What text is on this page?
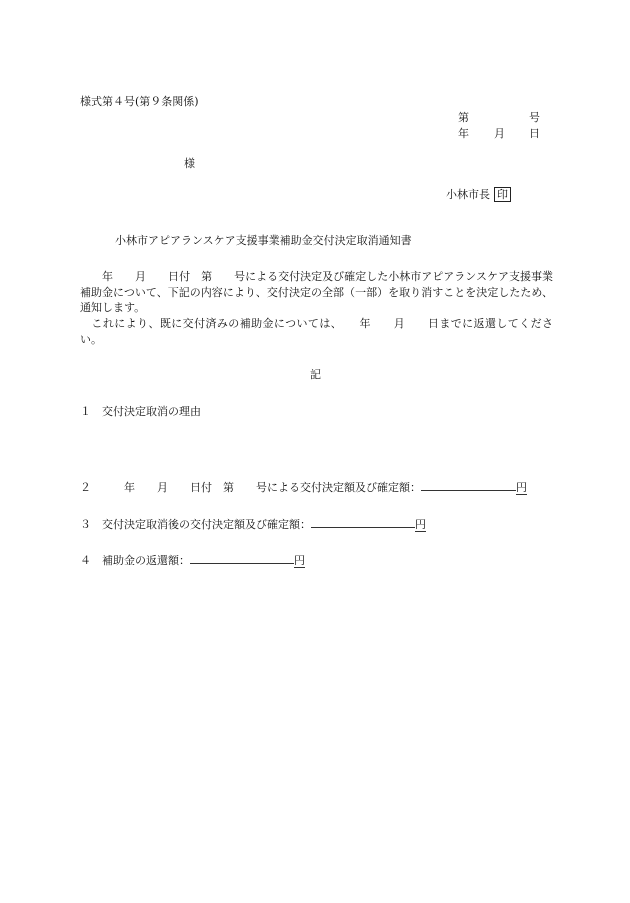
様式第４号(第９条関係)
第	号
年 月 日
様
小林市長 印
小林市アピアランスケア支援事業補助金交付決定取消通知書
　　年　　月　　日付　第　　号による交付決定及び確定した小林市アピアランスケア支援事業補助金について、下記の内容により、交付決定の全部（一部）を取り消すことを決定したため、通知します。
　これにより、既に交付済みの補助金については、　　年　　月　　日までに返還してください。
記
１ 交付決定取消の理由
２　　年　　月　　日付　第　　号による交付決定額及び確定額：	円
３ 交付決定取消後の交付決定額及び確定額：	円
４ 補助金の返還額：	円
